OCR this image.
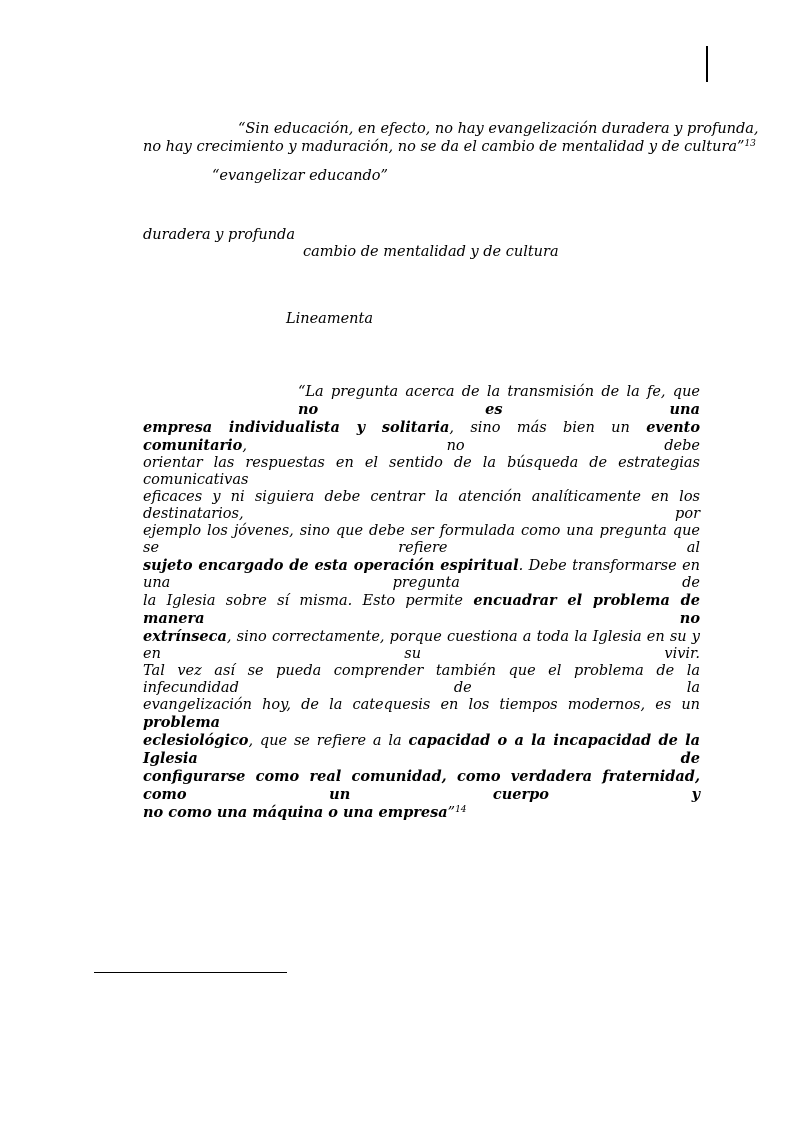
“Sin educación, en efecto, no hay evangelización duradera y profunda,
no hay crecimiento y maduración, no se da el cambio de mentalidad y de cultura”$^{13}$
“evangelizar educando”
duradera y profunda
cambio de mentalidad y de cultura
Lineamenta
“La pregunta acerca de la transmisión de la fe, que no es una
empresa individualista y solitaria, sino más bien un evento comunitario, no debe
orientar las respuestas en el sentido de la búsqueda de estrategias comunicativas
eficaces y ni siguiera debe centrar la atención analíticamente en los destinatarios, por
ejemplo los jóvenes, sino que debe ser formulada como una pregunta que se refiere al
sujeto encargado de esta operación espiritual. Debe transformarse en una pregunta de
la Iglesia sobre sí misma. Esto permite encuadrar el problema de manera no
extrínseca, sino correctamente, porque cuestiona a toda la Iglesia en su y en su vivir.
Tal vez así se pueda comprender también que el problema de la infecundidad de la
evangelización hoy, de la catequesis en los tiempos modernos, es un problema
eclesiológico, que se refiere a la capacidad o a la incapacidad de la Iglesia de
configurarse como real comunidad, como verdadera fraternidad, como un cuerpo y
no como una máquina o una empresa”$^{14}$
